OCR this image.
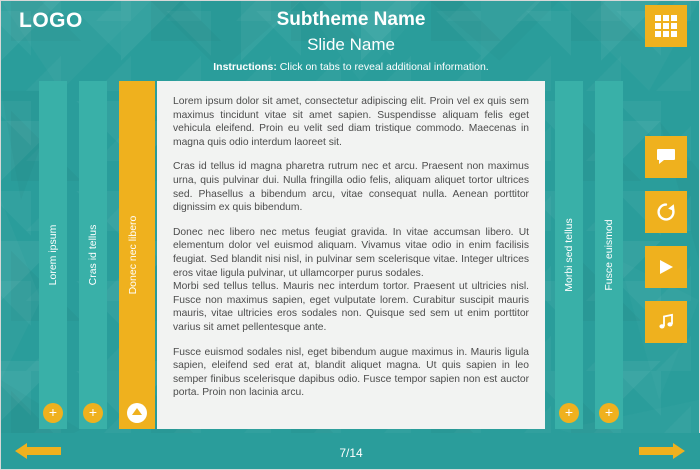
LOGO	Subtheme Name
Slide Name
Instructions: Click on tabs to reveal additional information.
Lorem ipsum
+
Cras id tellus
+
Donec nec libero

Lorem ipsum dolor sit amet, consectetur adipiscing elit. Proin vel ex quis sem maximus tincidunt vitae sit amet sapien. Suspendisse aliquam felis eget vehicula eleifend. Proin eu velit sed diam tristique commodo. Maecenas in magna quis odio interdum laoreet sit.

Cras id tellus id magna pharetra rutrum nec et arcu. Praesent non maximus urna, quis pulvinar dui. Nulla fringilla odio felis, aliquam aliquet tortor ultrices sed. Phasellus a bibendum arcu, vitae consequat nulla. Aenean porttitor dignissim ex quis bibendum.

Donec nec libero nec metus feugiat gravida. In vitae accumsan libero. Ut elementum dolor vel euismod aliquam. Vivamus vitae odio in enim facilisis feugiat. Sed blandit nisi nisl, in pulvinar sem scelerisque vitae. Integer ultrices eros vitae ligula pulvinar, ut ullamcorper purus sodales.

Morbi sed tellus tellus. Mauris nec interdum tortor. Praesent ut ultricies nisl. Fusce non maximus sapien, eget vulputate lorem. Curabitur suscipit mauris mauris, vitae ultricies eros sodales non. Quisque sed sem ut enim porttitor varius sit amet pellentesque ante.

Fusce euismod sodales nisl, eget bibendum augue maximus in. Mauris ligula sapien, eleifend sed erat at, blandit aliquet magna. Ut quis sapien in leo semper finibus scelerisque dapibus odio. Fusce tempor sapien non est auctor porta. Proin non lacinia arcu.

Morbi sed tellus
+
Fusce euismod
+
7/14
